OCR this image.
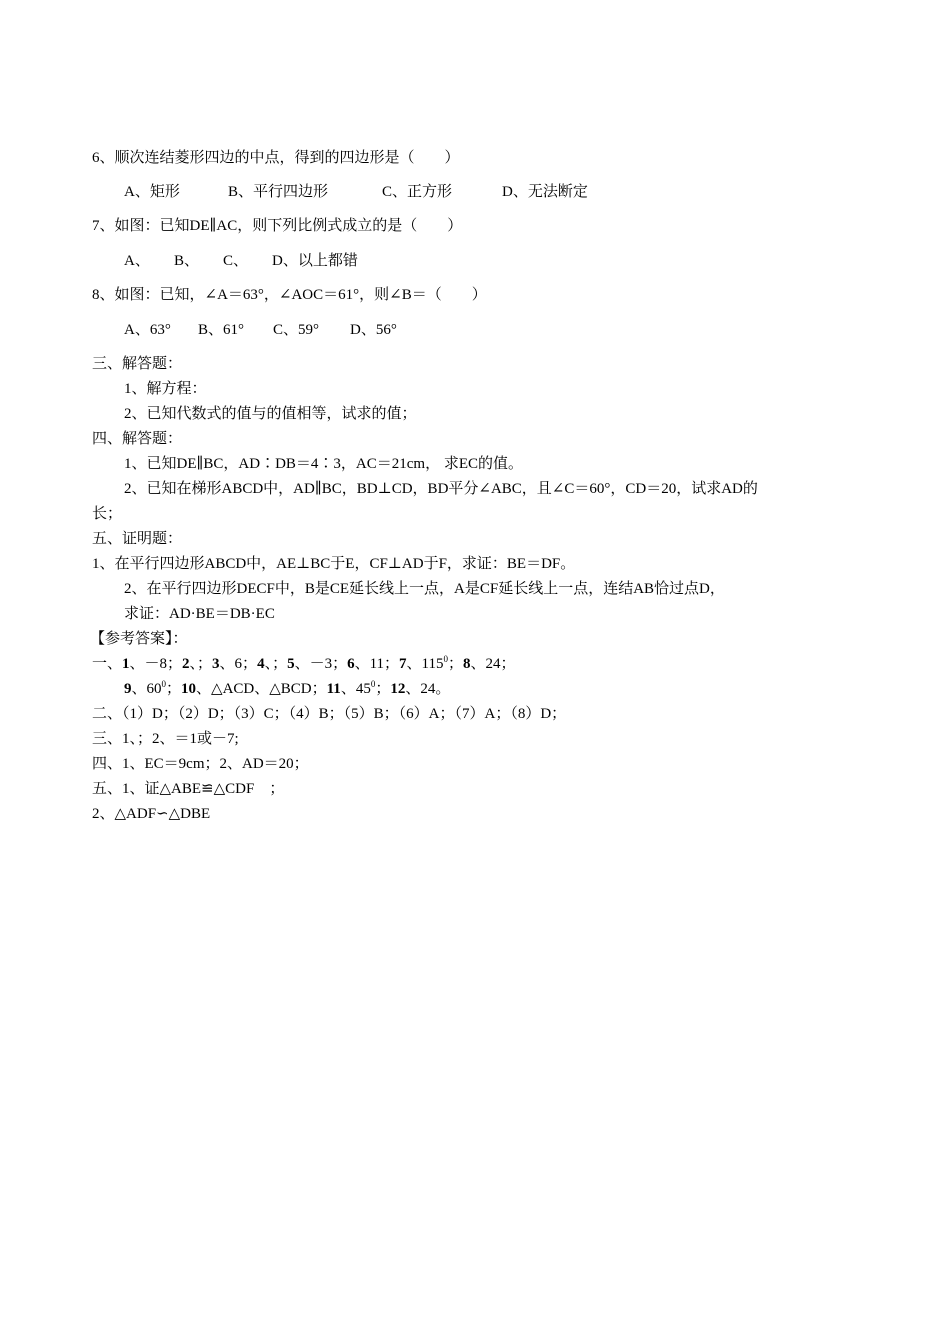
6、顺次连结菱形四边的中点，得到的四边形是（　　）
A、矩形	B、平行四边形	C、正方形	D、无法断定
7、如图：已知DE∥AC，则下列比例式成立的是（　　）
A、 B、 C、 D、以上都错
8、如图：已知，∠A＝63°，∠AOC＝61°，则∠B＝（　　）
A、63° B、61° C、59° D、56°
三、解答题：
1、解方程：
2、已知代数式的值与的值相等，试求的值；
四、解答题：
1、已知DE∥BC，AD∶DB＝4∶3，AC＝21cm， 求EC的值。
2、已知在梯形ABCD中，AD∥BC，BD⊥CD，BD平分∠ABC，且∠C＝60°，CD＝20，试求AD的
长；
五、证明题：
1、在平行四边形ABCD中，AE⊥BC于E，CF⊥AD于F，求证：BE＝DF。
2、在平行四边形DECF中，B是CE延长线上一点，A是CF延长线上一点，连结AB恰过点D，
求证：AD·BE＝DB·EC
【参考答案】：
一、1、－8；2、；3、6；4、；5、－3；6、11；7、$115^0$；8、24；
9、$60^0$；10、△ACD、△BCD；11、$45^0$；12、24。
二、（1）D；（2）D；（3）C；（4）B；（5）B；（6）A；（7）A；（8）D；
三、1、；2、＝1或－7;
四、1、EC＝9cm；2、AD＝20；
五、1、证△ABE≌△CDF　；
2、△ADF∽△DBE
